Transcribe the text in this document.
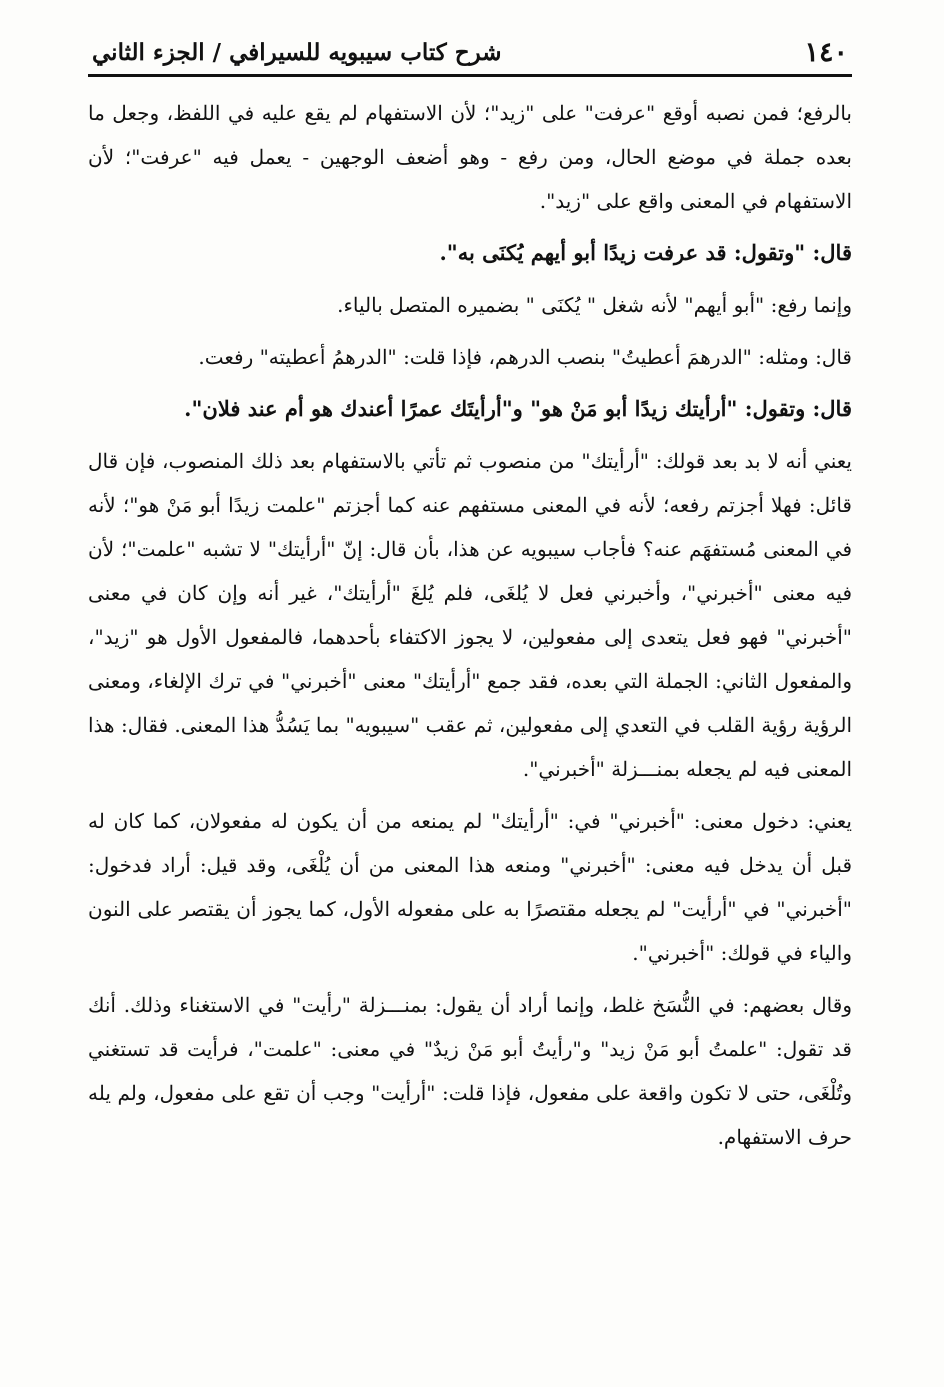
١٤٠
شرح كتاب سيبويه للسيرافي / الجزء الثاني

بالرفع؛ فمن نصبه أوقع "عرفت" على "زيد"؛ لأن الاستفهام لم يقع عليه في اللفظ، وجعل ما بعده جملة في موضع الحال، ومن رفع - وهو أضعف الوجهين - يعمل فيه "عرفت"؛ لأن الاستفهام في المعنى واقع على "زيد".

قال: "وتقول: قد عرفت زيدًا أبو أيهم يُكنَى به".

وإنما رفع: "أبو أيهم" لأنه شغل " يُكنَى " بضميره المتصل بالياء.

قال: ومثله: "الدرهمَ أعطيتُ" بنصب الدرهم، فإذا قلت: "الدرهمُ أعطيته" رفعت.

قال: وتقول: "أرأيتك زيدًا أبو مَنْ هو" و"أرأيتَك عمرًا أعندك هو أم عند فلان".

يعني أنه لا بد بعد قولك: "أرأيتك" من منصوب ثم تأتي بالاستفهام بعد ذلك المنصوب، فإن قال قائل: فهلا أجزتم رفعه؛ لأنه في المعنى مستفهم عنه كما أجزتم "علمت زيدًا أبو مَنْ هو"؛ لأنه في المعنى مُستفهَم عنه؟ فأجاب سيبويه عن هذا، بأن قال: إنّ "أرأيتك" لا تشبه "علمت"؛ لأن فيه معنى "أخبرني"، وأخبرني فعل لا يُلغَى، فلم يُلغَ "أرأيتك"، غير أنه وإن كان في معنى "أخبرني" فهو فعل يتعدى إلى مفعولين، لا يجوز الاكتفاء بأحدهما، فالمفعول الأول هو "زيد"، والمفعول الثاني: الجملة التي بعده، فقد جمع "أرأيتك" معنى "أخبرني" في ترك الإلغاء، ومعنى الرؤية رؤية القلب في التعدي إلى مفعولين، ثم عقب "سيبويه" بما يَسُدُّ هذا المعنى. فقال: هذا المعنى فيه لم يجعله بمنـــزلة "أخبرني".

يعني: دخول معنى: "أخبرني" في: "أرأيتك" لم يمنعه من أن يكون له مفعولان، كما كان له قبل أن يدخل فيه معنى: "أخبرني" ومنعه هذا المعنى من أن يُلْغَى، وقد قيل: أراد فدخول: "أخبرني" في "أرأيت" لم يجعله مقتصرًا به على مفعوله الأول، كما يجوز أن يقتصر على النون والياء في قولك: "أخبرني".

وقال بعضهم: في النُّسَخ غلط، وإنما أراد أن يقول: بمنـــزلة "رأيت" في الاستغناء وذلك. أنك قد تقول: "علمتُ أبو مَنْ زيد" و"رأيتُ أبو مَنْ زيدٌ" في معنى: "علمت"، فرأيت قد تستغني وتُلْغَى، حتى لا تكون واقعة على مفعول، فإذا قلت: "أرأيت" وجب أن تقع على مفعول، ولم يله حرف الاستفهام.
